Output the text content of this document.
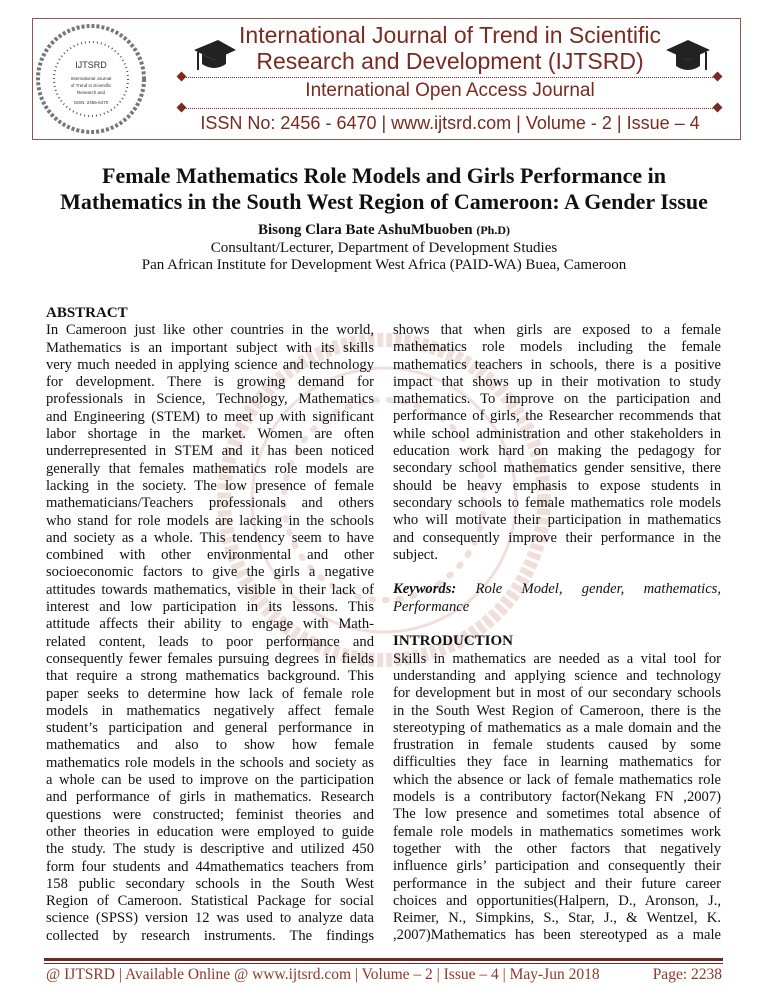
IJTSRD
International Journal
of Trend in Scientific
Research and
ISSN: 2456-6470
International Journal of Trend in Scientific
Research and Development (IJTSRD)
International Open Access Journal
ISSN No: 2456 - 6470 | www.ijtsrd.com | Volume - 2 | Issue – 4
Female Mathematics Role Models and Girls Performance in
Mathematics in the South West Region of Cameroon: A Gender Issue
Bisong Clara Bate AshuMbuoben (Ph.D)
Consultant/Lecturer, Department of Development Studies
Pan African Institute for Development West Africa (PAID-WA) Buea, Cameroon
ABSTRACT
In Cameroon just like other countries in the world,
Mathematics is an important subject with its skills
very much needed in applying science and technology
for development. There is growing demand for
professionals in Science, Technology, Mathematics
and Engineering (STEM) to meet up with significant
labor shortage in the market. Women are often
underrepresented in STEM and it has been noticed
generally that females mathematics role models are
lacking in the society. The low presence of female
mathematicians/Teachers professionals and others
who stand for role models are lacking in the schools
and society as a whole. This tendency seem to have
combined with other environmental and other
socioeconomic factors to give the girls a negative
attitudes towards mathematics, visible in their lack of
interest and low participation in its lessons. This
attitude affects their ability to engage with Math-
related content, leads to poor performance and
consequently fewer females pursuing degrees in fields
that require a strong mathematics background. This
paper seeks to determine how lack of female role
models in mathematics negatively affect female
student’s participation and general performance in
mathematics and also to show how female
mathematics role models in the schools and society as
a whole can be used to improve on the participation
and performance of girls in mathematics. Research
questions were constructed; feminist theories and
other theories in education were employed to guide
the study. The study is descriptive and utilized 450
form four students and 44mathematics teachers from
158 public secondary schools in the South West
Region of Cameroon. Statistical Package for social
science (SPSS) version 12 was used to analyze data
collected by research instruments. The findings
shows that when girls are exposed to a female
mathematics role models including the female
mathematics teachers in schools, there is a positive
impact that shows up in their motivation to study
mathematics. To improve on the participation and
performance of girls, the Researcher recommends that
while school administration and other stakeholders in
education work hard on making the pedagogy for
secondary school mathematics gender sensitive, there
should be heavy emphasis to expose students in
secondary schools to female mathematics role models
who will motivate their participation in mathematics
and consequently improve their performance in the
subject.
Keywords: Role Model, gender, mathematics,
Performance
INTRODUCTION
Skills in mathematics are needed as a vital tool for
understanding and applying science and technology
for development but in most of our secondary schools
in the South West Region of Cameroon, there is the
stereotyping of mathematics as a male domain and the
frustration in female students caused by some
difficulties they face in learning mathematics for
which the absence or lack of female mathematics role
models is a contributory factor(Nekang FN ,2007)
The low presence and sometimes total absence of
female role models in mathematics sometimes work
together with the other factors that negatively
influence girls’ participation and consequently their
performance in the subject and their future career
choices and opportunities(Halpern, D., Aronson, J.,
Reimer, N., Simpkins, S., Star, J., & Wentzel, K.
,2007)Mathematics has been stereotyped as a male
@ IJTSRD | Available Online @ www.ijtsrd.com | Volume – 2 | Issue – 4 | May-Jun 2018	Page: 2238
